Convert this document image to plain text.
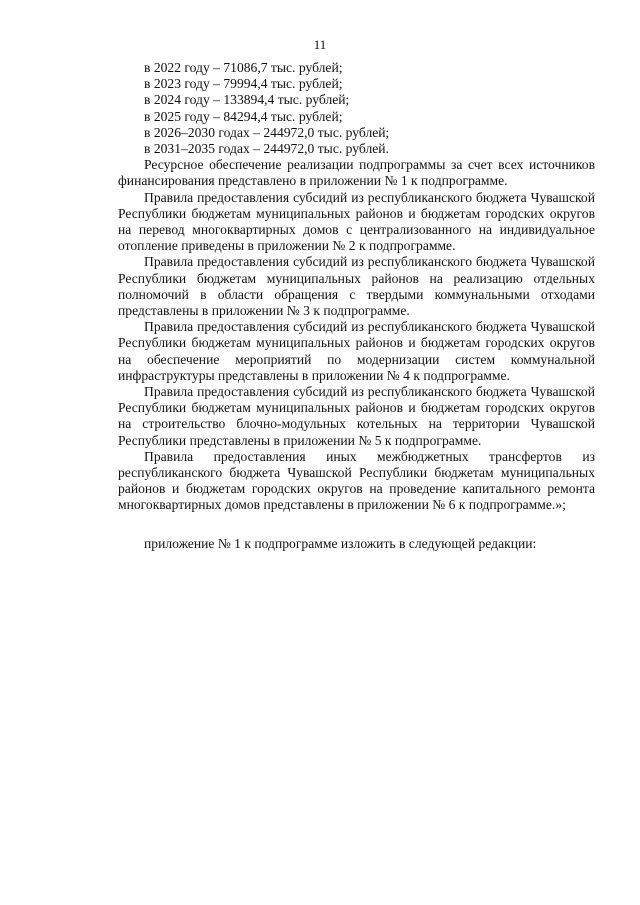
11

в 2022 году – 71086,7 тыс. рублей;

в 2023 году – 79994,4 тыс. рублей;

в 2024 году – 133894,4 тыс. рублей;

в 2025 году – 84294,4 тыс. рублей;

в 2026–2030 годах – 244972,0 тыс. рублей;

в 2031–2035 годах – 244972,0 тыс. рублей.

Ресурсное обеспечение реализации подпрограммы за счет всех источников финансирования представлено в приложении № 1 к подпрограмме.

Правила предоставления субсидий из республиканского бюджета Чувашской Республики бюджетам муниципальных районов и бюджетам городских округов на перевод многоквартирных домов с централизованного на индивидуальное отопление приведены в приложении № 2 к подпрограмме.

Правила предоставления субсидий из республиканского бюджета Чувашской Республики бюджетам муниципальных районов на реализацию отдельных полномочий в области обращения с твердыми коммунальными отходами представлены в приложении № 3 к подпрограмме.

Правила предоставления субсидий из республиканского бюджета Чувашской Республики бюджетам муниципальных районов и бюджетам городских округов на обеспечение мероприятий по модернизации систем коммунальной инфраструктуры представлены в приложении № 4 к подпрограмме.

Правила предоставления субсидий из республиканского бюджета Чувашской Республики бюджетам муниципальных районов и бюджетам городских округов на строительство блочно-модульных котельных на территории Чувашской Республики представлены в приложении № 5 к подпрограмме.

Правила предоставления иных межбюджетных трансфертов из республиканского бюджета Чувашской Республики бюджетам муниципальных районов и бюджетам городских округов на проведение капитального ремонта многоквартирных домов представлены в приложении № 6 к подпрограмме.»;

приложение № 1 к подпрограмме изложить в следующей редакции:
